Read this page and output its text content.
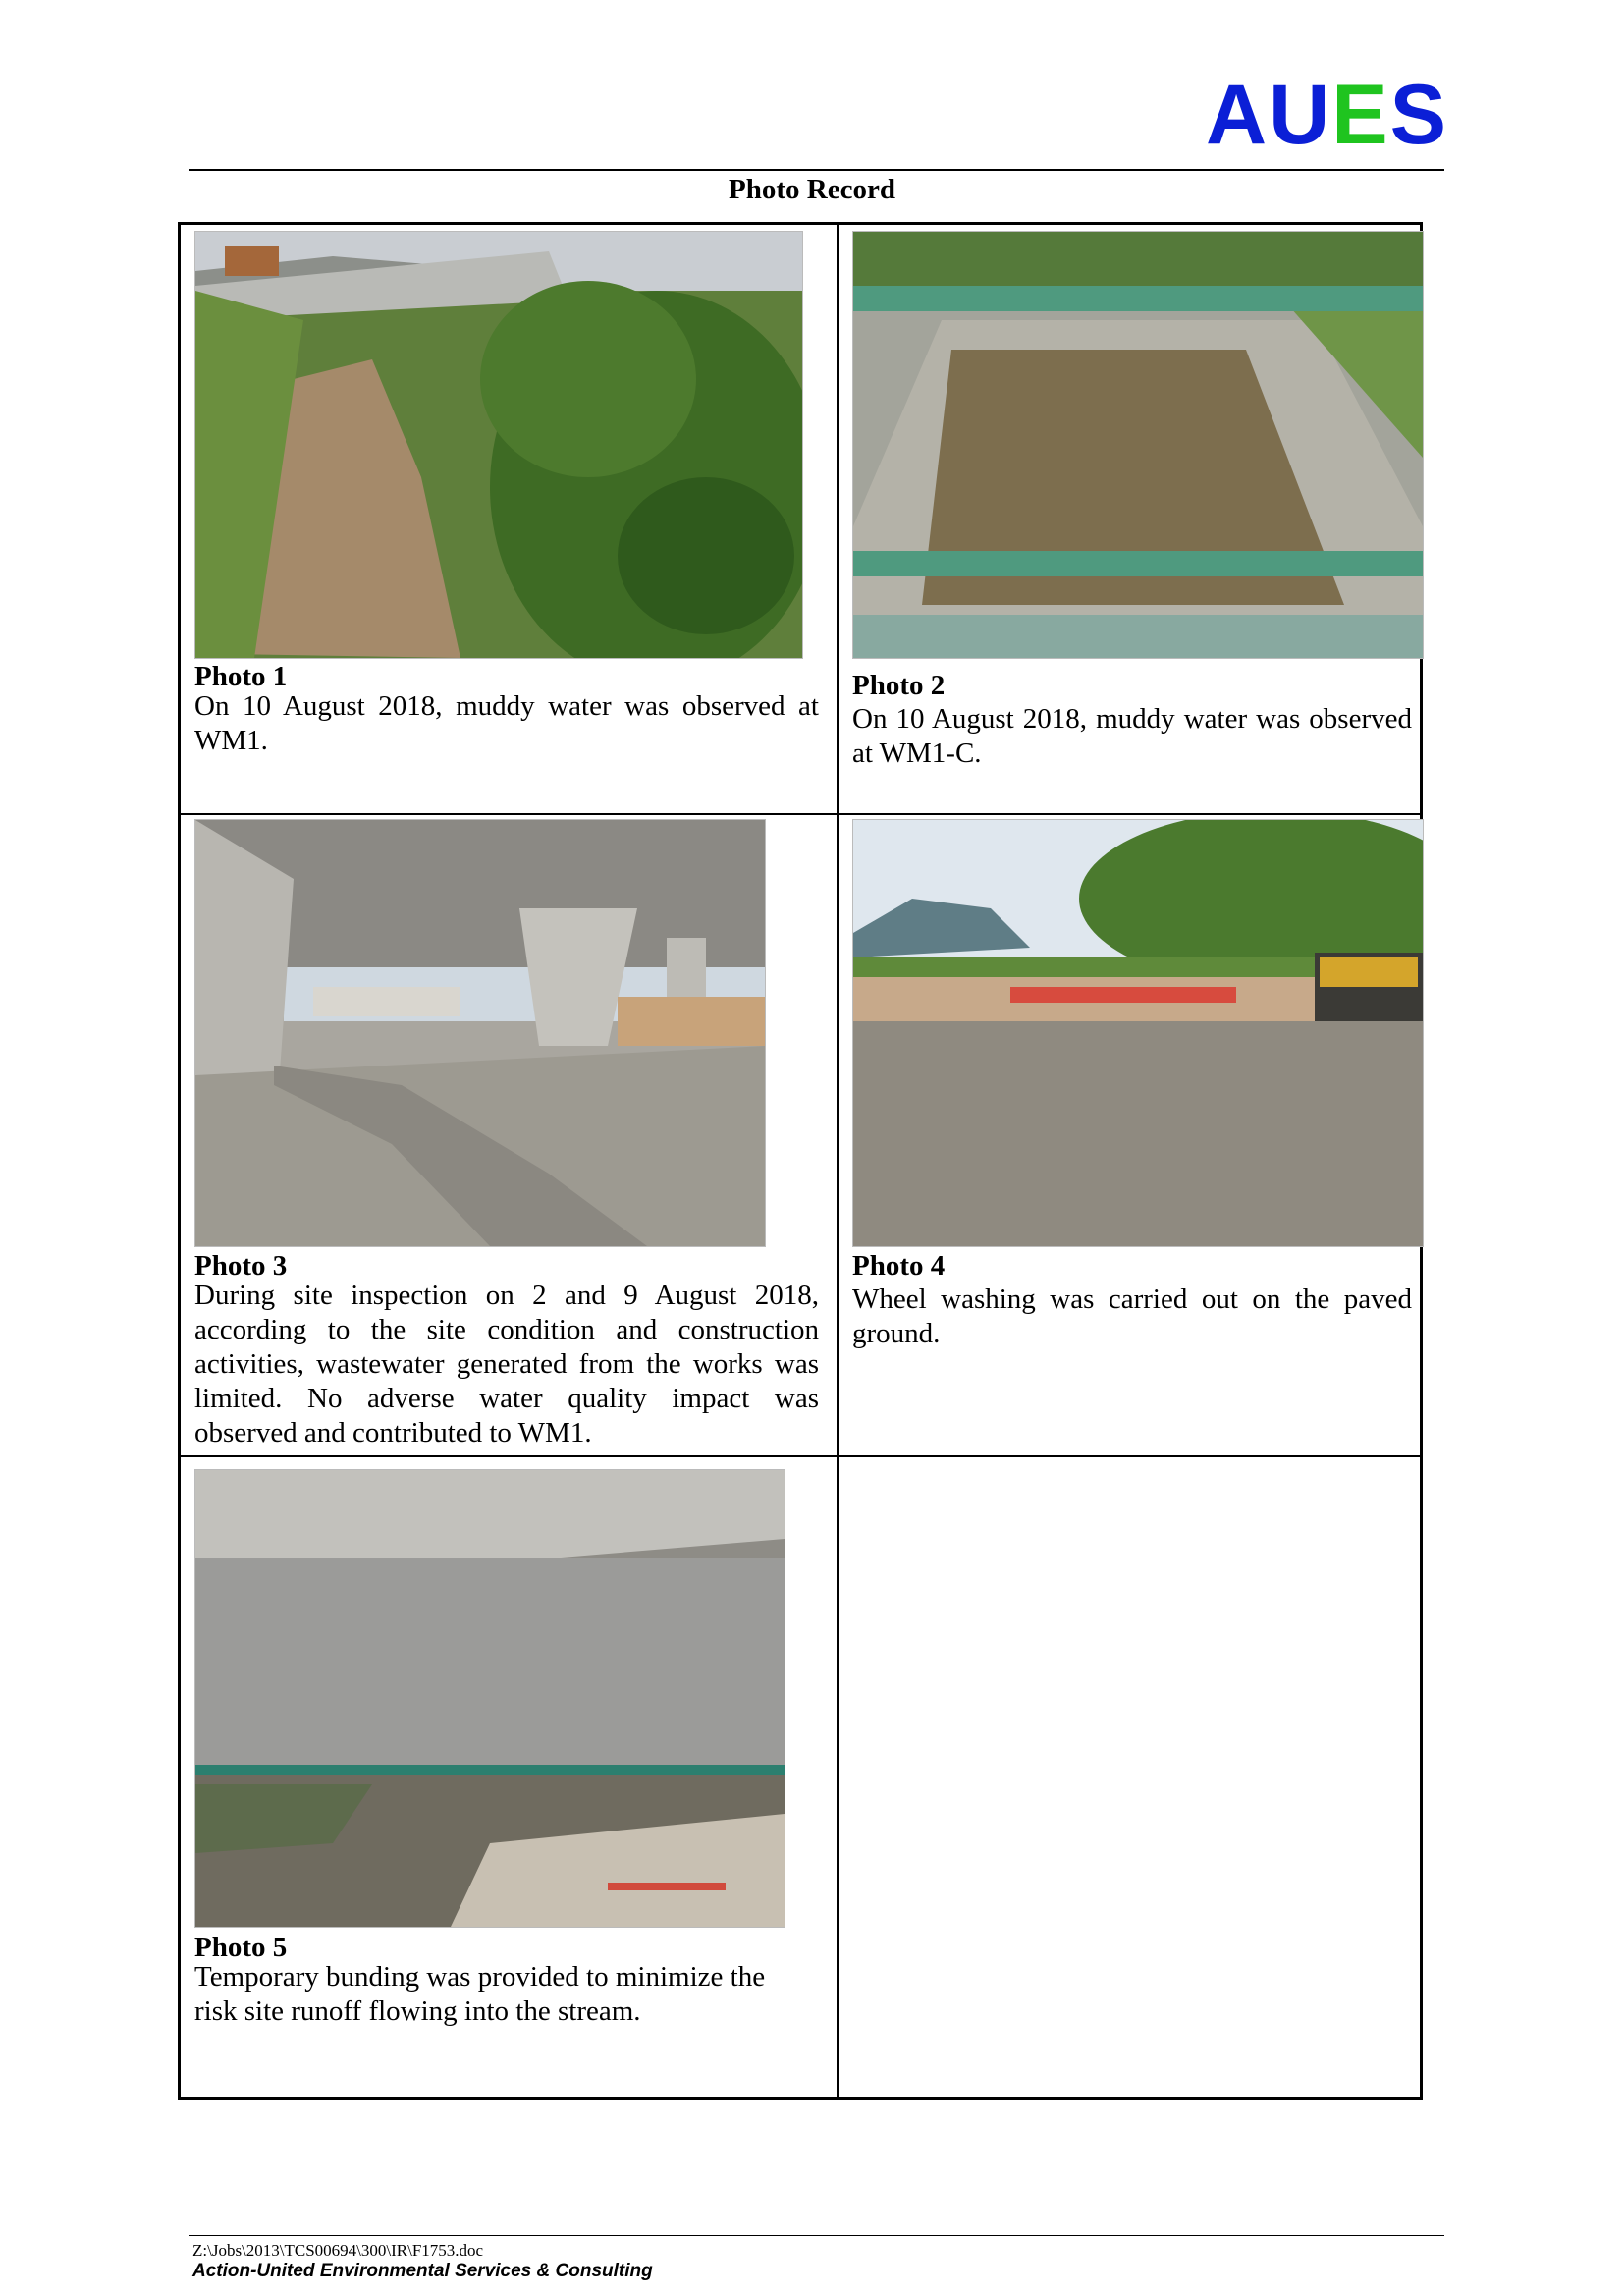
AUES
Photo Record
Photo 1
On 10 August 2018, muddy water was observed at WM1.
Photo 2
On 10 August 2018, muddy water was observed at WM1-C.
Photo 3
During site inspection on 2 and 9 August 2018, according to the site condition and construction activities, wastewater generated from the works was limited. No adverse water quality impact was observed and contributed to WM1.
Photo 4
Wheel washing was carried out on the paved ground.
Photo 5
Temporary bunding was provided to minimize the risk site runoff flowing into the stream.
Z:\Jobs\2013\TCS00694\300\IR\F1753.doc
Action-United Environmental Services & Consulting
